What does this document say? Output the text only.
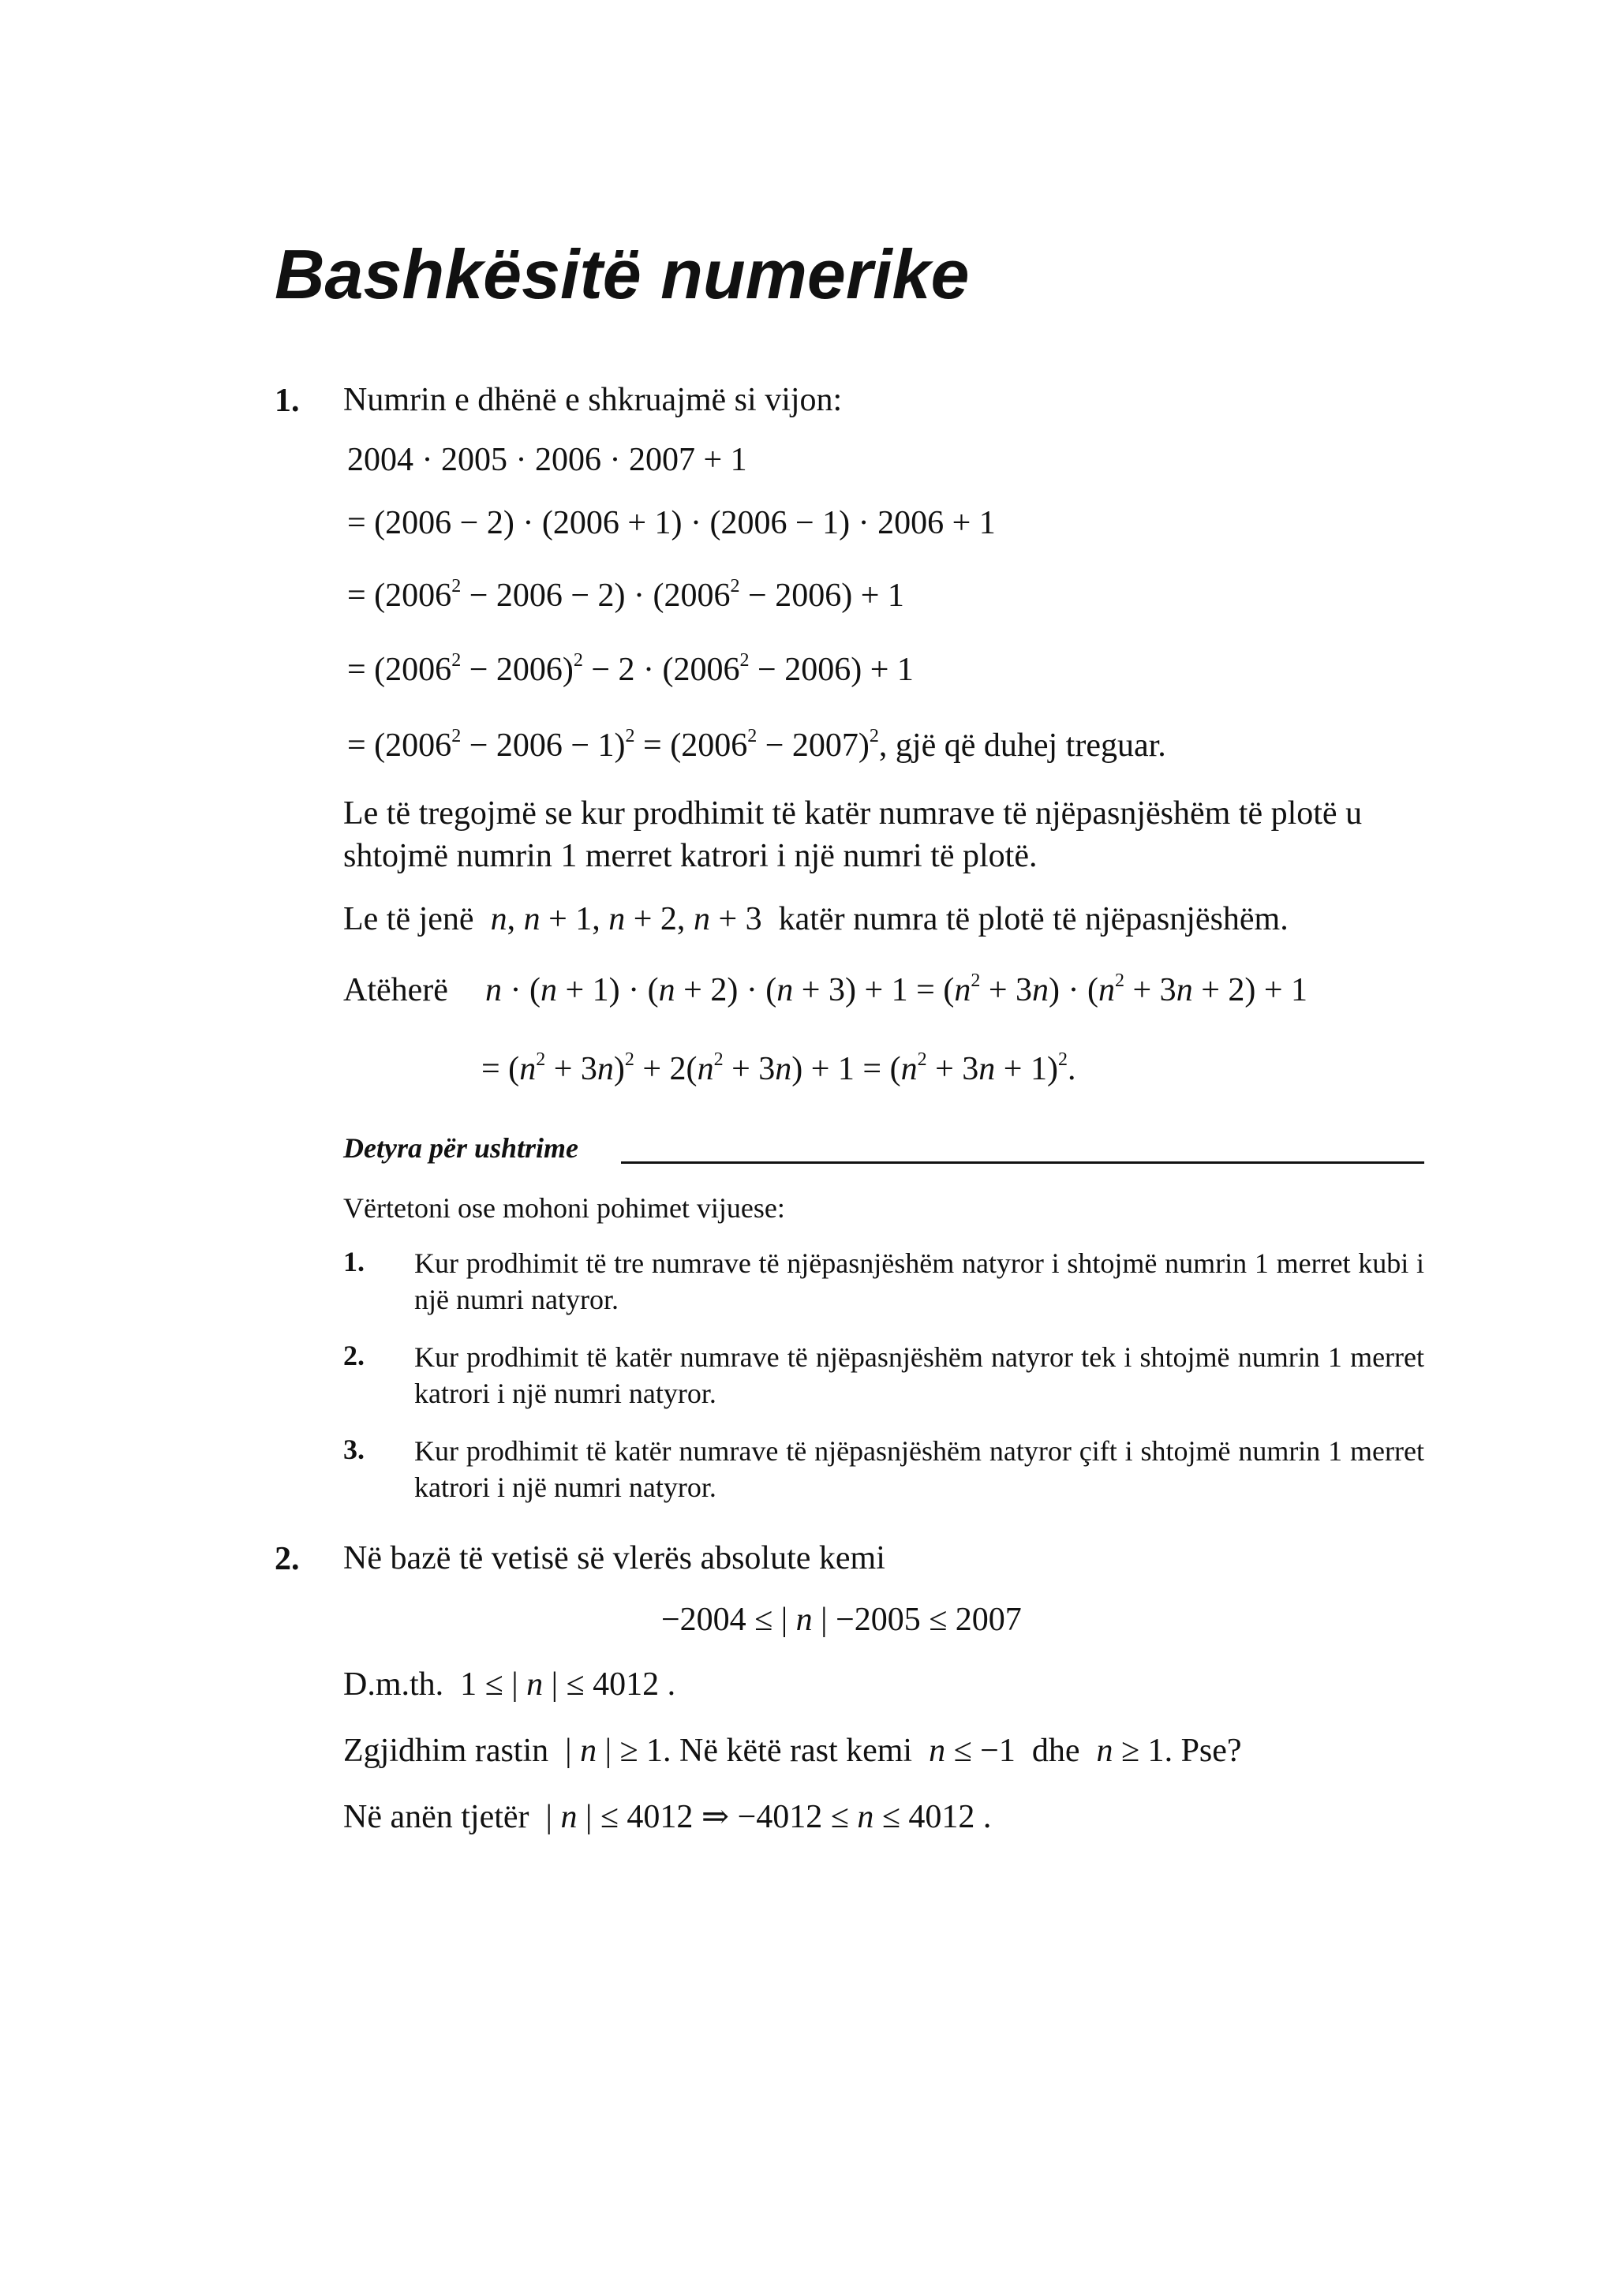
Bashkësitë numerike
1. Numrin e dhënë e shkruajmë si vijon:
2004 · 2005 · 2006 · 2007 + 1
= (2006 − 2) · (2006 + 1) · (2006 − 1) · 2006 + 1
= $(2006^2 - 2006 - 2) \cdot (2006^2 - 2006) + 1$
= $(2006^2 - 2006)^2 - 2 \cdot (2006^2 - 2006) + 1$
= $(2006^2 - 2006 - 1)^2 = (2006^2 - 2007)^2$, gjë që duhej treguar.

Le të tregojmë se kur prodhimit të katër numrave të njëpasnjëshëm të plotë u shtojmë numrin 1 merret katrori i një numri të plotë.

Le të jenë n, n + 1, n + 2, n + 3  katër numra të plotë të njëpasnjëshëm.
Atëherë $n \cdot (n + 1) \cdot (n + 2) \cdot (n + 3) + 1 = (n^2 + 3n) \cdot (n^2 + 3n + 2) + 1$
= $(n^2 + 3n)^2 + 2(n^2 + 3n) + 1 = (n^2 + 3n + 1)^2$.
Detyra për ushtrime
Vërtetoni ose mohoni pohimet vijuese:
1. Kur prodhimit të tre numrave të njëpasnjëshëm natyror i shtojmë numrin 1 merret kubi i një numri natyror.

2. Kur prodhimit të katër numrave të njëpasnjëshëm natyror tek i shtojmë numrin 1 merret katrori i një numri natyror.

3. Kur prodhimit të katër numrave të njëpasnjëshëm natyror çift i shtojmë numrin 1 merret katrori i një numri natyror.

2. Në bazë të vetisë së vlerës absolute kemi
−2004 ≤ | n | −2005 ≤ 2007
D.m.th.  1 ≤ | n | ≤ 4012 .
Zgjidhim rastin  | n | ≥ 1. Në këtë rast kemi n ≤ −1  dhe n ≥ 1. Pse?
Në anën tjetër  | n | ≤ 4012 ⇒ −4012 ≤ n ≤ 4012 .
